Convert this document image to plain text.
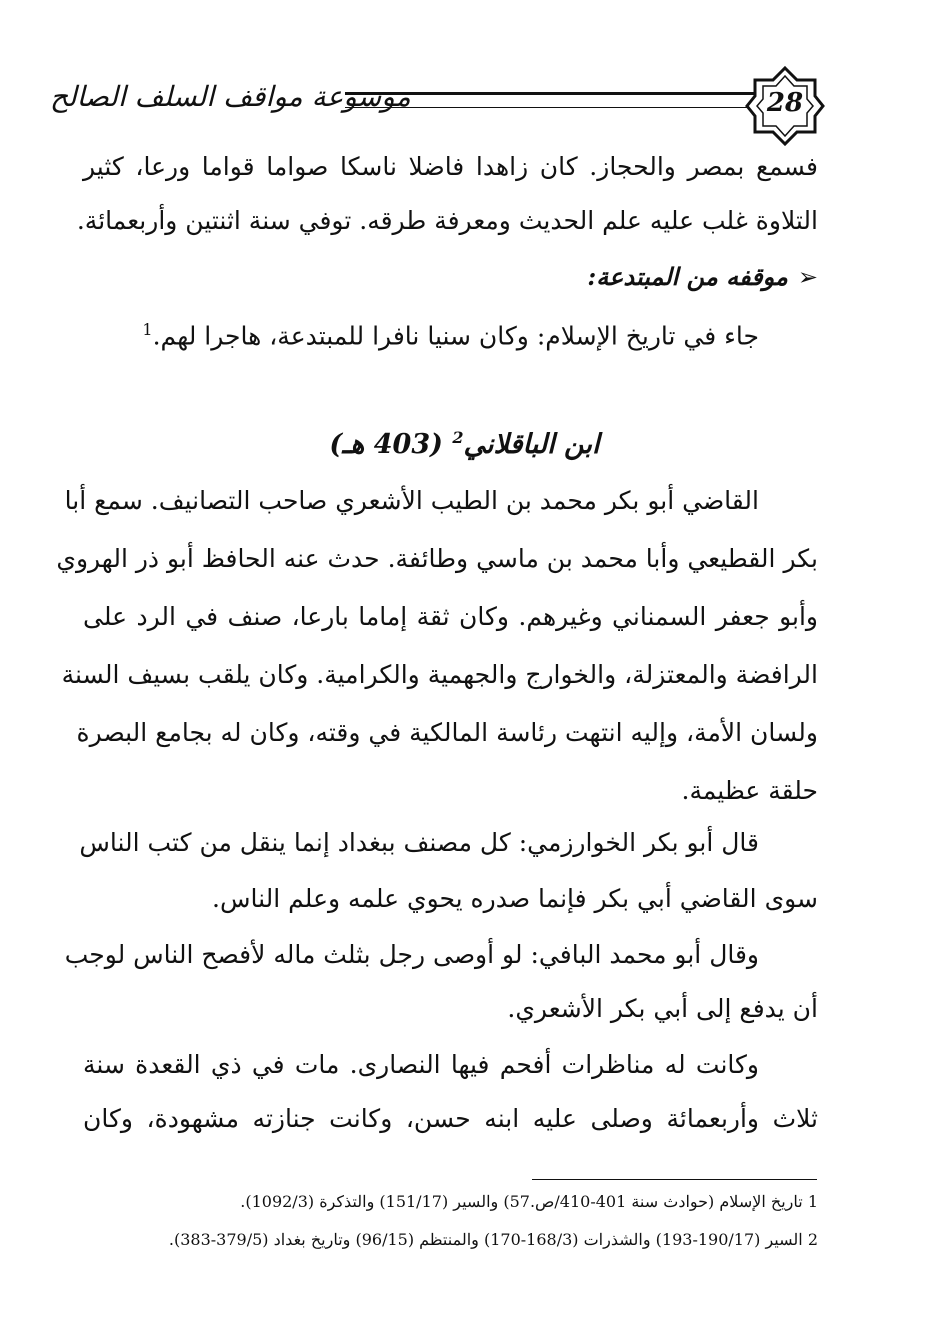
موسوعة مواقف السلف الصالح	28
فسمع بمصر والحجاز. كان زاهدا فاضلا ناسكا صواما قواما ورعا، كثير
التلاوة غلب عليه علم الحديث ومعرفة طرقه. توفي سنة اثنتين وأربعمائة.
➢موقفه من المبتدعة:
جاء في تاريخ الإسلام: وكان سنيا نافرا للمبتدعة، هاجرا لهم.$^1$
ابن الباقلاني$^2$ (403 هـ)
القاضي أبو بكر محمد بن الطيب الأشعري صاحب التصانيف. سمع أبا
بكر القطيعي وأبا محمد بن ماسي وطائفة. حدث عنه الحافظ أبو ذر الهروي
وأبو جعفر السمناني وغيرهم. وكان ثقة إماما بارعا، صنف في الرد على
الرافضة والمعتزلة، والخوارج والجهمية والكرامية. وكان يلقب بسيف السنة
ولسان الأمة، وإليه انتهت رئاسة المالكية في وقته، وكان له بجامع البصرة
حلقة عظيمة.
قال أبو بكر الخوارزمي: كل مصنف ببغداد إنما ينقل من كتب الناس
سوى القاضي أبي بكر فإنما صدره يحوي علمه وعلم الناس.
وقال أبو محمد البافي: لو أوصى رجل بثلث ماله لأفصح الناس لوجب
أن يدفع إلى أبي بكر الأشعري.
وكانت له مناظرات أفحم فيها النصارى. مات في ذي القعدة سنة
ثلاث وأربعمائة وصلى عليه ابنه حسن، وكانت جنازته مشهودة، وكان
1 تاريخ الإسلام (حوادث سنة 401-410/ص.57) والسير (151/17) والتذكرة (1092/3).
2 السير (190/17-193) والشذرات (168/3-170) والمنتظم (96/15) وتاريخ بغداد (379/5-383).
